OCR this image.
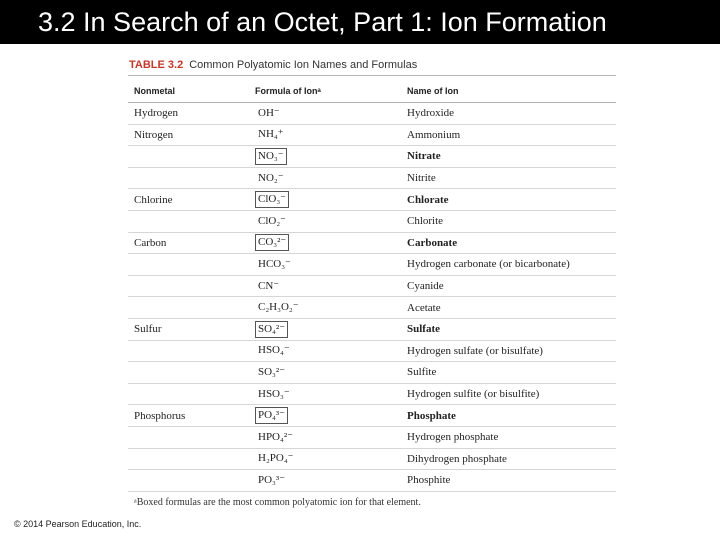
3.2 In Search of an Octet, Part 1: Ion Formation
TABLE 3.2 Common Polyatomic Ion Names and Formulas
Nonmetal	Formula of Ionᵃ	Name of Ion
Hydrogen	OH⁻	Hydroxide
Nitrogen	NH₄⁺	Ammonium
	NO₃⁻	Nitrate
	NO₂⁻	Nitrite
Chlorine	ClO₃⁻	Chlorate
	ClO₂⁻	Chlorite
Carbon	CO₃²⁻	Carbonate
	HCO₃⁻	Hydrogen carbonate (or bicarbonate)
	CN⁻	Cyanide
	C₂H₃O₂⁻	Acetate
Sulfur	SO₄²⁻	Sulfate
	HSO₄⁻	Hydrogen sulfate (or bisulfate)
	SO₃²⁻	Sulfite
	HSO₃⁻	Hydrogen sulfite (or bisulfite)
Phosphorus	PO₄³⁻	Phosphate
	HPO₄²⁻	Hydrogen phosphate
	H₂PO₄⁻	Dihydrogen phosphate
	PO₃³⁻	Phosphite
ᵃBoxed formulas are the most common polyatomic ion for that element.
© 2014 Pearson Education, Inc.
